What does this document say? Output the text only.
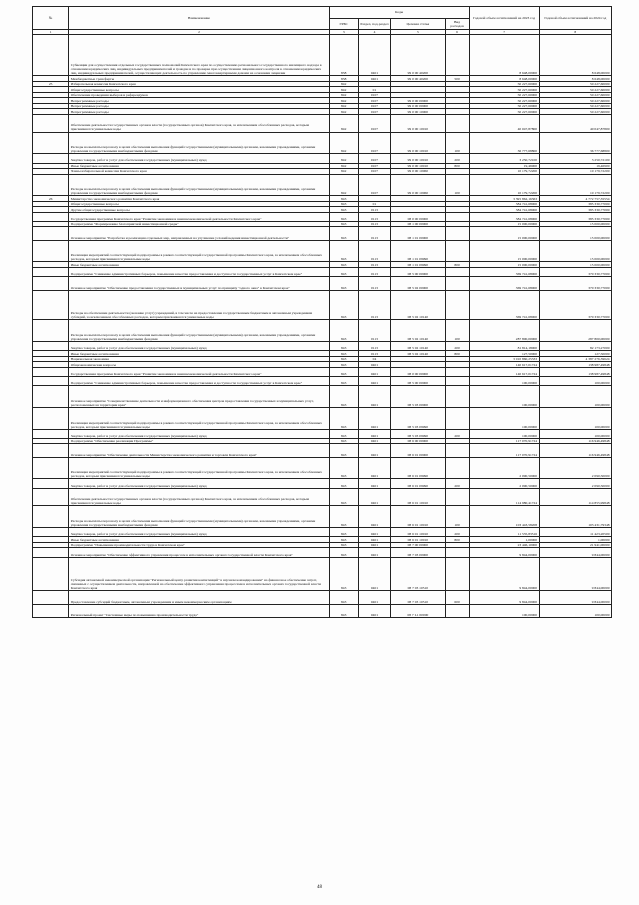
№	Наименование	Коды				Годовой объем ассигнований на 2023 год	Годовой объем ассигнований на 2024 год
		ГРБС	Раздел, под-раздел	Целевая статья	Вид расходов		
1	2	3	4	5	6	7	8
	Субвенции для осуществления отдельных государственных полномочий Камчатского края по осуществлению регионального государственного жилищного надзора в отношении юридических лиц, индивидуальных предпринимателей и граждан и по проверке при осуществлении лицензионного контроля в отношении юридических лиц, индивидуальных предпринимателей, осуществляющих деятельность по управлению многоквартирными домами на основании лицензии	838	0401	99 0 00 40200		8 648,00000	8 648,00000
	Межбюджетные трансферты	838	0401	99 0 00 40200	500	8 648,00000	8 648,00000
25	Избирательная комиссия Камчатского края	842				50 227,60000	50 227,60000
	Общегосударственные вопросы	842	01			50 227,60000	50 227,60000
	Обеспечение проведения выборов и референдумов	842	0107			50 227,60000	50 227,60000
	Непрограммные расходы	842	0107	99 0 00 00000		50 227,60000	50 227,60000
	Непрограммные расходы	842	0107	99 0 00 00000		50 227,60000	50 227,60000
	Непрограммные расходы	842	0107	99 0 00 10000		50 227,60000	50 227,60000
	Обеспечение деятельности государственных органов власти (государственных органов) Камчатского края, за исключением обособленных расходов, которым присваиваются уникальные коды	842	0107	99 0 00 10010		40 047,87800	40 047,87800
	Расходы на выплаты персоналу в целях обеспечения выполнения функций государственными (муниципальными) органами, казенными учреждениями, органами управления государственными внебюджетными фондами	842	0107	99 0 00 10010	100	36 777,68800	36 777,68800
	Закупка товаров, работ и услуг для обеспечения государственных (муниципальных) нужд	842	0107	99 0 00 10010	200	3 250,72100	3 250,72100
	Иные бюджетные ассигнования	842	0107	99 0 00 10010	800	19,46900	19,46900
	Члены избирательной комиссии Камчатского края	842	0107	99 0 00 10060		10 179,72200	10 179,72200
	Расходы на выплаты персоналу в целях обеспечения выполнения функций государственными (муниципальными) органами, казенными учреждениями, органами управления государственными внебюджетными фондами	842	0107	99 0 00 10060	100	10 179,72200	10 179,72200
26	Министерство экономического развития Камчатского края	843				3 395 862,16363	4 772 757,35554
	Общегосударственные вопросы	843	01			384 741,68000	385 330,77000
	Другие общегосударственные вопросы	843	0113			384 741,68000	385 330,77000
	Государственная программа Камчатского края "Развитие экономики и внешнеэкономической деятельности Камчатского края"	843	0113	08 0 00 00000		384 741,68000	385 330,77000
	Подпрограмма "Формирование благоприятной инвестиционной среды"	843	0113	08 1 00 00000		15 000,00000	15 000,00000
	Основное мероприятие "Разработка и реализация отдельных мер, направленных на улучшение условий ведения инвестиционной деятельности"	843	0113	08 1 01 00000		15 000,00000	15 000,00000
	Реализация мероприятий соответствующей подпрограммы в рамках соответствующей государственной программы Камчатского края, за исключением обособленных расходов, которым присваиваются уникальные коды	843	0113	08 1 01 09990		15 000,00000	15 000,00000
	Иные бюджетные ассигнования	843	0113	08 1 01 09990	800	15 000,00000	15 000,00000
	Подпрограмма "Снижение административных барьеров, повышение качества предоставления и доступности государственных услуг в Камчатском крае"	843	0113	08 5 00 00000		369 741,68000	370 330,77000
	Основное мероприятие "Обеспечение предоставления государственных и муниципальных услуг по принципу "одного окна" в Камчатском крае"	843	0113	08 5 02 00000		369 741,68000	370 330,77000
	Расходы на обеспечение деятельности (оказание услуг) учреждений, в том числе на предоставление государственным бюджетным и автономным учреждениям субсидий, за исключением обособленных расходов, которым присваиваются уникальные коды	843	0113	08 5 02 10140		369 741,68000	370 330,77000
	Расходы на выплаты персоналу в целях обеспечения выполнения функций государственными (муниципальными) органами, казенными учреждениями, органами управления государственными внебюджетными фондами	843	0113	08 5 02 10140	100	287 800,00000	287 800,00000
	Закупка товаров, работ и услуг для обеспечения государственных (муниципальных) нужд	843	0113	08 5 02 10140	200	81 814,18000	82 173,27000
	Иные бюджетные ассигнования	843	0113	08 5 02 10140	800	127,50000	127,50000
	Национальная экономика	843	04			3 010 860,25333	4 387 276,39624
	Общеэкономические вопросы	843	0401			140 617,01724	138 987,49848
	Государственная программа Камчатского края "Развитие экономики и внешнеэкономической деятельности Камчатского края"	843	0401	08 0 00 00000		140 617,01724	138 987,49848
	Подпрограмма "Снижение административных барьеров, повышение качества предоставления и доступности государственных услуг в Камчатском крае"	843	0401	08 5 00 00000		100,00000	100,00000
	Основное мероприятие "Совершенствование деятельности и информационного обеспечения центров предоставления государственных и муниципальных услуг, расположенных на территории края"	843	0401	08 5 03 00000		100,00000	100,00000
	Реализация мероприятий соответствующей подпрограммы в рамках соответствующей государственной программы Камчатского края, за исключением обособленных расходов, которым присваиваются уникальные коды	843	0401	08 5 03 09990		100,00000	100,00000
	Закупка товаров, работ и услуг для обеспечения государственных (муниципальных) нужд	843	0401	08 5 03 09990	200	100,00000	100,00000
	Подпрограмма "Обеспечение реализации Программы"	843	0401	08 6 00 00000		117 070,91724	116 946,49848
	Основное мероприятие "Обеспечение деятельности Министерства экономического развития и торговли Камчатского края"	843	0401	08 6 01 00000		117 070,91724	116 946,49848
	Реализация мероприятий соответствующей подпрограммы в рамках соответствующей государственной программы Камчатского края, за исключением обособленных расходов, которым присваиваются уникальные коды	843	0401	08 6 01 09990		2 090,50000	2 090,50000
	Закупка товаров, работ и услуг для обеспечения государственных (муниципальных) нужд	843	0401	08 6 01 09990	200	2 090,50000	2 090,50000
	Обеспечение деятельности государственных органов власти (государственных органов) Камчатского края, за исключением обособленных расходов, которым присваиваются уникальные коды	843	0401	08 6 01 10010		114 980,41724	114 855,99848
	Расходы на выплаты персоналу в целях обеспечения выполнения функций государственными (муниципальными) органами, казенными учреждениями, органами управления государственными внебюджетными фондами	843	0401	08 6 01 10010	100	103 443,58208	103 431,79348
	Закупка товаров, работ и услуг для обеспечения государственных (муниципальных) нужд	843	0401	08 6 01 10010	200	11 535,83516	11 423,20500
	Иные бюджетные ассигнования	843	0401	08 6 01 10010	800	1,00000	1,00000
	Подпрограмма "Повышение производительности труда в Камчатском крае"	843	0401	08 7 00 00000		23 446,10000	21 941,00000
	Основное мероприятие "Обеспечение эффективного управления процессом в исполнительных органах государственной власти Камчатского края"	843	0401	08 7 03 00000		9 844,00000	9 844,00000
	Субсидия автономной некоммерческой организации "Региональный центр развития компетенций" в научном командировании" на финансовое обеспечение затрат, связанных с осуществлением деятельности, направленной на обеспечение эффективного управления процессами в исполнительных органах государственной власти Камчатского края	843	0401	08 7 03 10510		9 844,00000	9 844,00000
	Предоставление субсидий бюджетным, автономным учреждениям и иным некоммерческим организациям	843	0401	08 7 03 10510	600	9 844,00000	9 844,00000
	Региональный проект "Системные меры по повышению производительности труда"	843	0401	08 7 L1 00000		100,00000	100,00000
48
